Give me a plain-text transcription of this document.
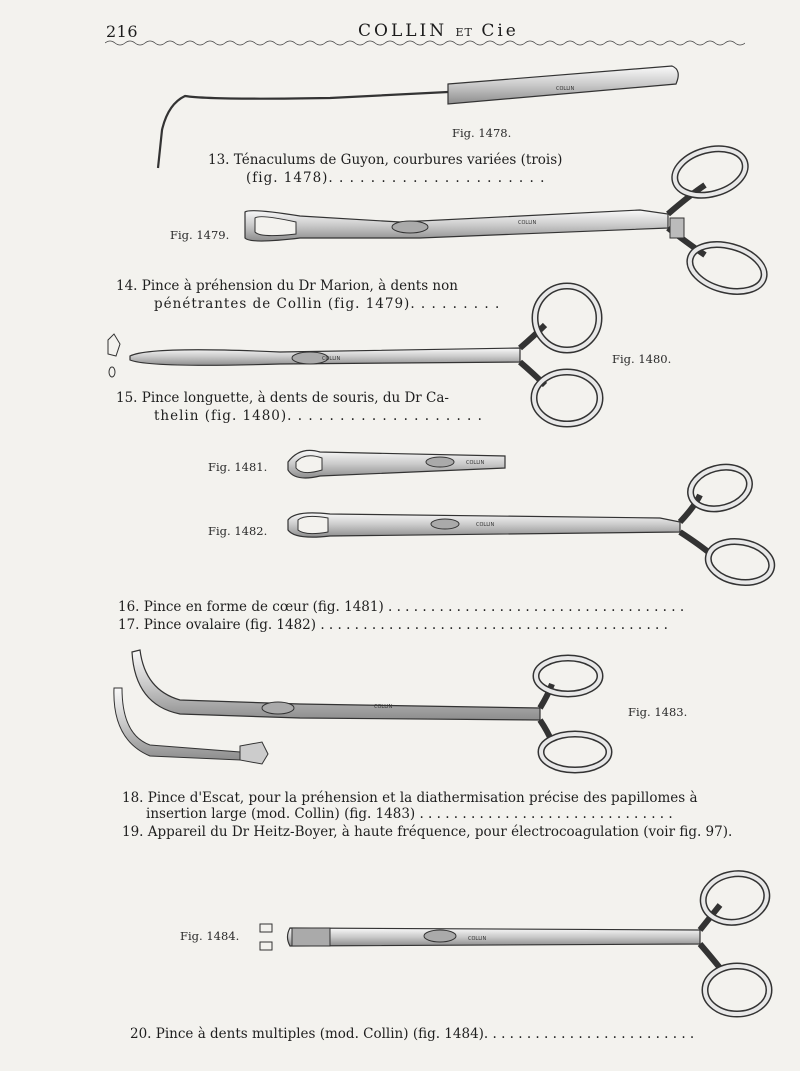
216	COLLIN ET Cie
COLLIN
COLLIN
COLLIN
COLLIN
COLLIN
COLLIN
COLLIN
Fig. 1478.
Fig. 1479.
Fig. 1480.
Fig. 1481.
Fig. 1482.
Fig. 1483.
Fig. 1484.
13. Ténaculums de Guyon, courbures variées (trois)
(fig. 1478). . . . . . . . . . . . . . . . . . . . .
14. Pince à préhension du Dr Marion, à dents non
pénétrantes de Collin (fig. 1479). . . . . . . . .
15. Pince longuette, à dents de souris, du Dr Ca-
thelin (fig. 1480). . . . . . . . . . . . . . . . . . .
16. Pince en forme de cœur (fig. 1481) . . . . . . . . . . . . . . . . . . . . . . . . . . . . . . . . . . .
17. Pince ovalaire (fig. 1482) . . . . . . . . . . . . . . . . . . . . . . . . . . . . . . . . . . . . . . . . .
18. Pince d'Escat, pour la préhension et la diathermisation précise des papillomes à
insertion large (mod. Collin) (fig. 1483) . . . . . . . . . . . . . . . . . . . . . . . . . . . . . .
19. Appareil du Dr Heitz-Boyer, à haute fréquence, pour électrocoagulation (voir fig. 97).
20. Pince à dents multiples (mod. Collin) (fig. 1484). . . . . . . . . . . . . . . . . . . . . . . . .
